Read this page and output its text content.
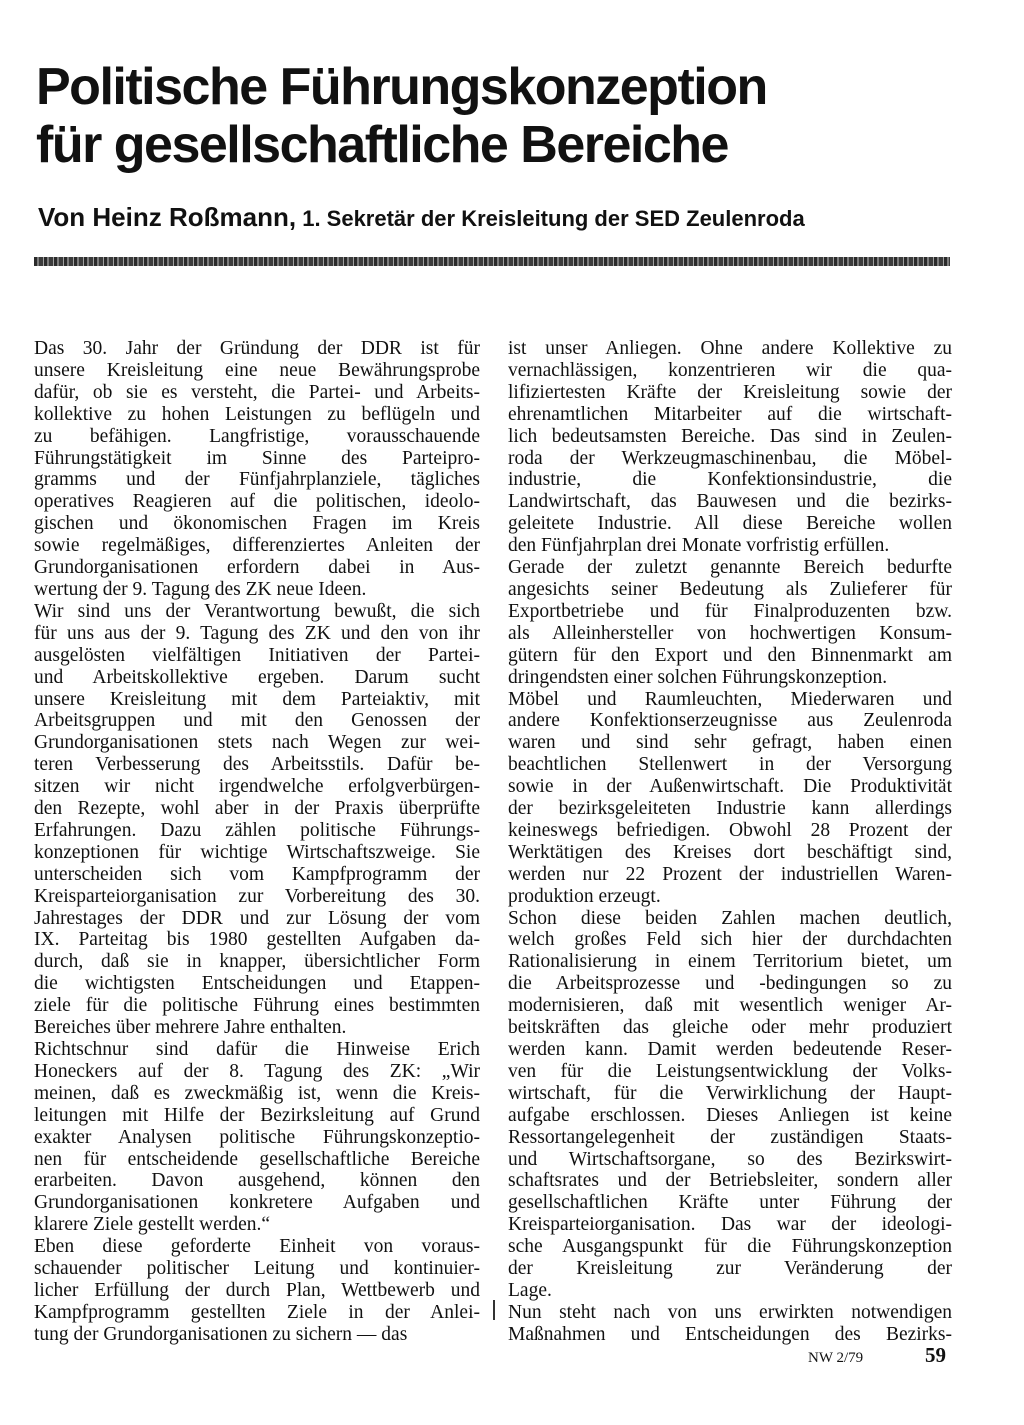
Politische Führungskonzeption
für gesellschaftliche Bereiche
Von Heinz Roßmann, 1. Sekretär der Kreisleitung der SED Zeulenroda
Das 30. Jahr der Gründung der DDR ist für
unsere Kreisleitung eine neue Bewährungsprobe
dafür, ob sie es versteht, die Partei- und Arbeits-
kollektive zu hohen Leistungen zu beflügeln und
zu befähigen. Langfristige, vorausschauende
Führungstätigkeit im Sinne des Parteipro-
gramms und der Fünfjahrplanziele, tägliches
operatives Reagieren auf die politischen, ideolo-
gischen und ökonomischen Fragen im Kreis
sowie regelmäßiges, differenziertes Anleiten der
Grundorganisationen erfordern dabei in Aus-
wertung der 9. Tagung des ZK neue Ideen.
Wir sind uns der Verantwortung bewußt, die sich
für uns aus der 9. Tagung des ZK und den von ihr
ausgelösten vielfältigen Initiativen der Partei-
und Arbeitskollektive ergeben. Darum sucht
unsere Kreisleitung mit dem Parteiaktiv, mit
Arbeitsgruppen und mit den Genossen der
Grundorganisationen stets nach Wegen zur wei-
teren Verbesserung des Arbeitsstils. Dafür be-
sitzen wir nicht irgendwelche erfolgverbürgen-
den Rezepte, wohl aber in der Praxis überprüfte
Erfahrungen. Dazu zählen politische Führungs-
konzeptionen für wichtige Wirtschaftszweige. Sie
unterscheiden sich vom Kampfprogramm der
Kreisparteiorganisation zur Vorbereitung des 30.
Jahrestages der DDR und zur Lösung der vom
IX. Parteitag bis 1980 gestellten Aufgaben da-
durch, daß sie in knapper, übersichtlicher Form
die wichtigsten Entscheidungen und Etappen-
ziele für die politische Führung eines bestimmten
Bereiches über mehrere Jahre enthalten.
Richtschnur sind dafür die Hinweise Erich
Honeckers auf der 8. Tagung des ZK: „Wir
meinen, daß es zweckmäßig ist, wenn die Kreis-
leitungen mit Hilfe der Bezirksleitung auf Grund
exakter Analysen politische Führungskonzeptio-
nen für entscheidende gesellschaftliche Bereiche
erarbeiten. Davon ausgehend, können den
Grundorganisationen konkretere Aufgaben und
klarere Ziele gestellt werden.“
Eben diese geforderte Einheit von voraus-
schauender politischer Leitung und kontinuier-
licher Erfüllung der durch Plan, Wettbewerb und
Kampfprogramm gestellten Ziele in der Anlei-
tung der Grundorganisationen zu sichern — das
ist unser Anliegen. Ohne andere Kollektive zu
vernachlässigen, konzentrieren wir die qua-
lifiziertesten Kräfte der Kreisleitung sowie der
ehrenamtlichen Mitarbeiter auf die wirtschaft-
lich bedeutsamsten Bereiche. Das sind in Zeulen-
roda der Werkzeugmaschinenbau, die Möbel-
industrie, die Konfektionsindustrie, die
Landwirtschaft, das Bauwesen und die bezirks-
geleitete Industrie. All diese Bereiche wollen
den Fünfjahrplan drei Monate vorfristig erfüllen.
Gerade der zuletzt genannte Bereich bedurfte
angesichts seiner Bedeutung als Zulieferer für
Exportbetriebe und für Finalproduzenten bzw.
als Alleinhersteller von hochwertigen Konsum-
gütern für den Export und den Binnenmarkt am
dringendsten einer solchen Führungskonzeption.
Möbel und Raumleuchten, Miederwaren und
andere Konfektionserzeugnisse aus Zeulenroda
waren und sind sehr gefragt, haben einen
beachtlichen Stellenwert in der Versorgung
sowie in der Außenwirtschaft. Die Produktivität
der bezirksgeleiteten Industrie kann allerdings
keineswegs befriedigen. Obwohl 28 Prozent der
Werktätigen des Kreises dort beschäftigt sind,
werden nur 22 Prozent der industriellen Waren-
produktion erzeugt.
Schon diese beiden Zahlen machen deutlich,
welch großes Feld sich hier der durchdachten
Rationalisierung in einem Territorium bietet, um
die Arbeitsprozesse und -bedingungen so zu
modernisieren, daß mit wesentlich weniger Ar-
beitskräften das gleiche oder mehr produziert
werden kann. Damit werden bedeutende Reser-
ven für die Leistungsentwicklung der Volks-
wirtschaft, für die Verwirklichung der Haupt-
aufgabe erschlossen. Dieses Anliegen ist keine
Ressortangelegenheit der zuständigen Staats-
und Wirtschaftsorgane, so des Bezirkswirt-
schaftsrates und der Betriebsleiter, sondern aller
gesellschaftlichen Kräfte unter Führung der
Kreisparteiorganisation. Das war der ideologi-
sche Ausgangspunkt für die Führungskonzeption
der Kreisleitung zur Veränderung der
Lage.
Nun steht nach von uns erwirkten notwendigen
Maßnahmen und Entscheidungen des Bezirks-
NW 2/79	59
